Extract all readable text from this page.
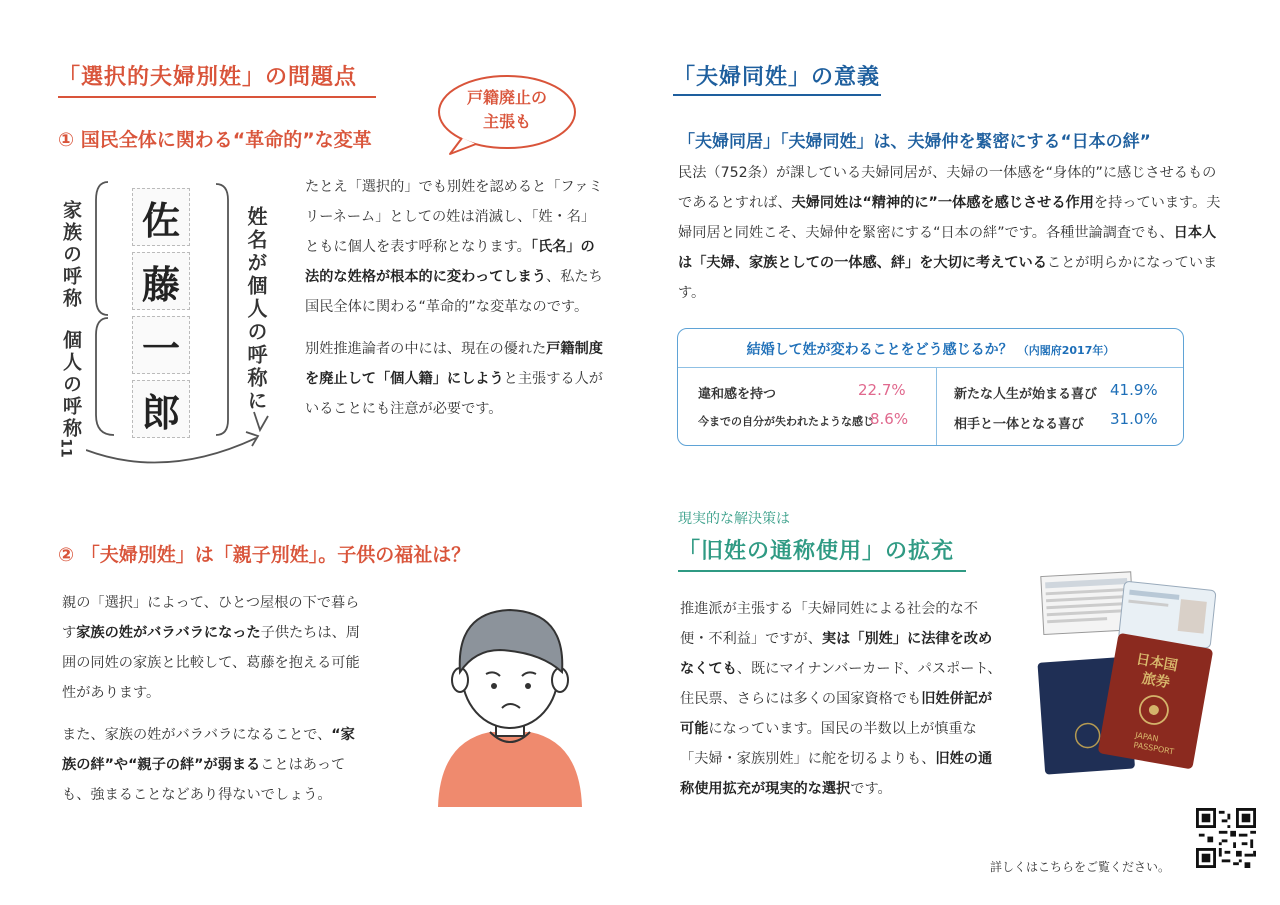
「選択的夫婦別姓」の問題点
戸籍廃止の
主張も
① 国民全体に関わる“革命的”な変革
家族の呼称
個人の呼称
11
佐
藤
一
郎	姓名が個人の呼称に

たとえ「選択的」でも別姓を認めると「ファミリーネーム」としての姓は消滅し、「姓・名」ともに個人を表す呼称となります。「氏名」の法的な姓格が根本的に変わってしまう、私たち国民全体に関わる“革命的”な変革なのです。

別姓推進論者の中には、現在の優れた戸籍制度を廃止して「個人籍」にしようと主張する人がいることにも注意が必要です。

② 「夫婦別姓」は「親子別姓」。子供の福祉は？

親の「選択」によって、ひとつ屋根の下で暮らす家族の姓がバラバラになった子供たちは、周囲の同姓の家族と比較して、葛藤を抱える可能性があります。

また、家族の姓がバラバラになることで、“家族の絆”や“親子の絆”が弱まることはあっても、強まることなどあり得ないでしょう。

「夫婦同姓」の意義
「夫婦同居」「夫婦同姓」は、夫婦仲を緊密にする“日本の絆”

民法（752条）が課している夫婦同居が、夫婦の一体感を“身体的”に感じさせるものであるとすれば、夫婦同姓は“精神的に”一体感を感じさせる作用を持っています。夫婦同居と同姓こそ、夫婦仲を緊密にする“日本の絆”です。各種世論調査でも、日本人は「夫婦、家族としての一体感、絆」を大切に考えていることが明らかになっています。

結婚して姓が変わることをどう感じるか？ （内閣府2017年）
違和感を持つ	22.7%
今までの自分が失われたような感じ
8.6%
新たな人生が始まる喜び 41.9%
相手と一体となる喜び 31.0%
現実的な解決策は
「旧姓の通称使用」の拡充

推進派が主張する「夫婦同姓による社会的な不便・不利益」ですが、実は「別姓」に法律を改めなくても、既にマイナンバーカード、パスポート、住民票、さらには多くの国家資格でも旧姓併記が可能になっています。国民の半数以上が慎重な「夫婦・家族別姓」に舵を切るよりも、旧姓の通称使用拡充が現実的な選択です。

日本国
旅券
JAPAN
PASSPORT
詳しくはこちらをご覧ください。
